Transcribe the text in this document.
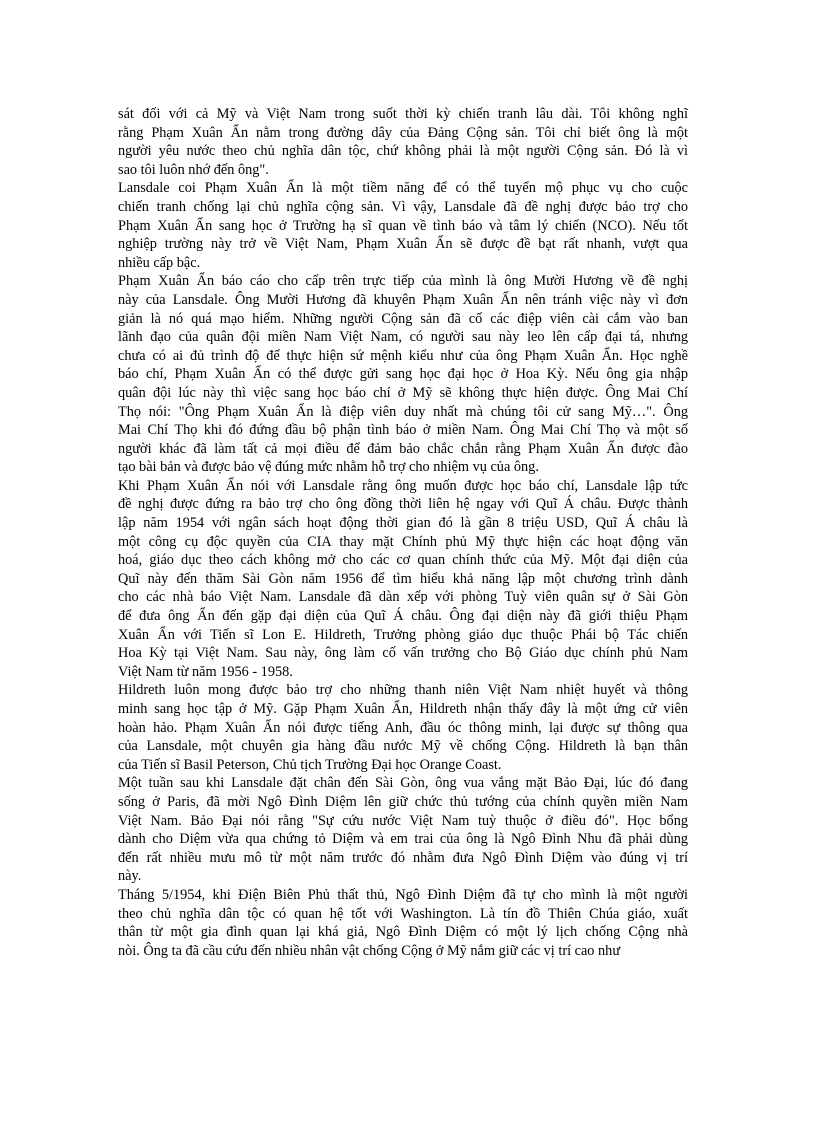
sát đối với cả Mỹ và Việt Nam trong suốt thời kỳ chiến tranh lâu dài. Tôi không nghĩ
rằng Phạm Xuân Ẩn nằm trong đường dây của Đảng Cộng sản. Tôi chỉ biết ông là một
người yêu nước theo chủ nghĩa dân tộc, chứ không phải là một người Cộng sản. Đó là vì
sao tôi luôn nhớ đến ông".

Lansdale coi Phạm Xuân Ẩn là một tiềm năng để có thể tuyển mộ phục vụ cho cuộc
chiến tranh chống lại chủ nghĩa cộng sản. Vì vậy, Lansdale đã đề nghị được bảo trợ cho
Phạm Xuân Ẩn sang học ở Trường hạ sĩ quan về tình báo và tâm lý chiến (NCO). Nếu tốt
nghiệp trường này trở về Việt Nam, Phạm Xuân Ẩn sẽ được đề bạt rất nhanh, vượt qua
nhiều cấp bậc.

Phạm Xuân Ẩn báo cáo cho cấp trên trực tiếp của mình là ông Mười Hương về đề nghị
này của Lansdale. Ông Mười Hương đã khuyên Phạm Xuân Ẩn nên tránh việc này vì đơn
giản là nó quá mạo hiểm. Những người Cộng sản đã cố các điệp viên cài cắm vào ban
lãnh đạo của quân đội miền Nam Việt Nam, có người sau này leo lên cấp đại tá, nhưng
chưa có ai đủ trình độ để thực hiện sứ mệnh kiểu như của ông Phạm Xuân Ẩn. Học nghề
báo chí, Phạm Xuân Ẩn có thể được gửi sang học đại học ở Hoa Kỳ. Nếu ông gia nhập
quân đội lúc này thì việc sang học báo chí ở Mỹ sẽ không thực hiện được. Ông Mai Chí
Thọ nói: "Ông Phạm Xuân Ẩn là điệp viên duy nhất mà chúng tôi cử sang Mỹ…". Ông
Mai Chí Thọ khi đó đứng đầu bộ phận tình báo ở miền Nam. Ông Mai Chí Thọ và một số
người khác đã làm tất cả mọi điều để đảm bảo chắc chắn rằng Phạm Xuân Ẩn được đào
tạo bài bản và được bảo vệ đúng mức nhằm hỗ trợ cho nhiệm vụ của ông.

Khi Phạm Xuân Ẩn nói với Lansdale rằng ông muốn được học báo chí, Lansdale lập tức
đề nghị được đứng ra bảo trợ cho ông đồng thời liên hệ ngay với Quĩ Á châu. Được thành
lập năm 1954 với ngân sách hoạt động thời gian đó là gần 8 triệu USD, Quĩ Á châu là
một công cụ độc quyền của CIA thay mặt Chính phủ Mỹ thực hiện các hoạt động văn
hoá, giáo dục theo cách không mở cho các cơ quan chính thức của Mỹ. Một đại diện của
Quĩ này đến thăm Sài Gòn năm 1956 để tìm hiểu khả năng lập một chương trình dành
cho các nhà báo Việt Nam. Lansdale đã dàn xếp với phòng Tuỳ viên quân sự ở Sài Gòn
để đưa ông Ẩn đến gặp đại diện của Quĩ Á châu. Ông đại diện này đã giới thiệu Phạm
Xuân Ẩn với Tiến sĩ Lon E. Hildreth, Trưởng phòng giáo dục thuộc Phái bộ Tác chiến
Hoa Kỳ tại Việt Nam. Sau này, ông làm cố vấn trưởng cho Bộ Giáo dục chính phủ Nam
Việt Nam từ năm 1956 - 1958.

Hildreth luôn mong được bảo trợ cho những thanh niên Việt Nam nhiệt huyết và thông
minh sang học tập ở Mỹ. Gặp Phạm Xuân Ẩn, Hildreth nhận thấy đây là một ứng cử viên
hoàn hảo. Phạm Xuân Ẩn nói được tiếng Anh, đầu óc thông minh, lại được sự thông qua
của Lansdale, một chuyên gia hàng đầu nước Mỹ về chống Cộng. Hildreth là bạn thân
của Tiến sĩ Basil Peterson, Chủ tịch Trường Đại học Orange Coast.

Một tuần sau khi Lansdale đặt chân đến Sài Gòn, ông vua vắng mặt Bảo Đại, lúc đó đang
sống ở Paris, đã mời Ngô Đình Diệm lên giữ chức thủ tướng của chính quyền miền Nam
Việt Nam. Bảo Đại nói rằng "Sự cứu nước Việt Nam tuỳ thuộc ở điều đó". Học bổng
dành cho Diệm vừa qua chứng tỏ Diệm và em trai của ông là Ngô Đình Nhu đã phải dùng
đến rất nhiều mưu mô từ một năm trước đó nhằm đưa Ngô Đình Diệm vào đúng vị trí
này.

Tháng 5/1954, khi Điện Biên Phủ thất thủ, Ngô Đình Diệm đã tự cho mình là một người
theo chủ nghĩa dân tộc có quan hệ tốt với Washington. Là tín đồ Thiên Chúa giáo, xuất
thân từ một gia đình quan lại khá giả, Ngô Đình Diệm có một lý lịch chống Cộng nhà
nòi. Ông ta đã cầu cứu đến nhiều nhân vật chống Cộng ở Mỹ nắm giữ các vị trí cao như
